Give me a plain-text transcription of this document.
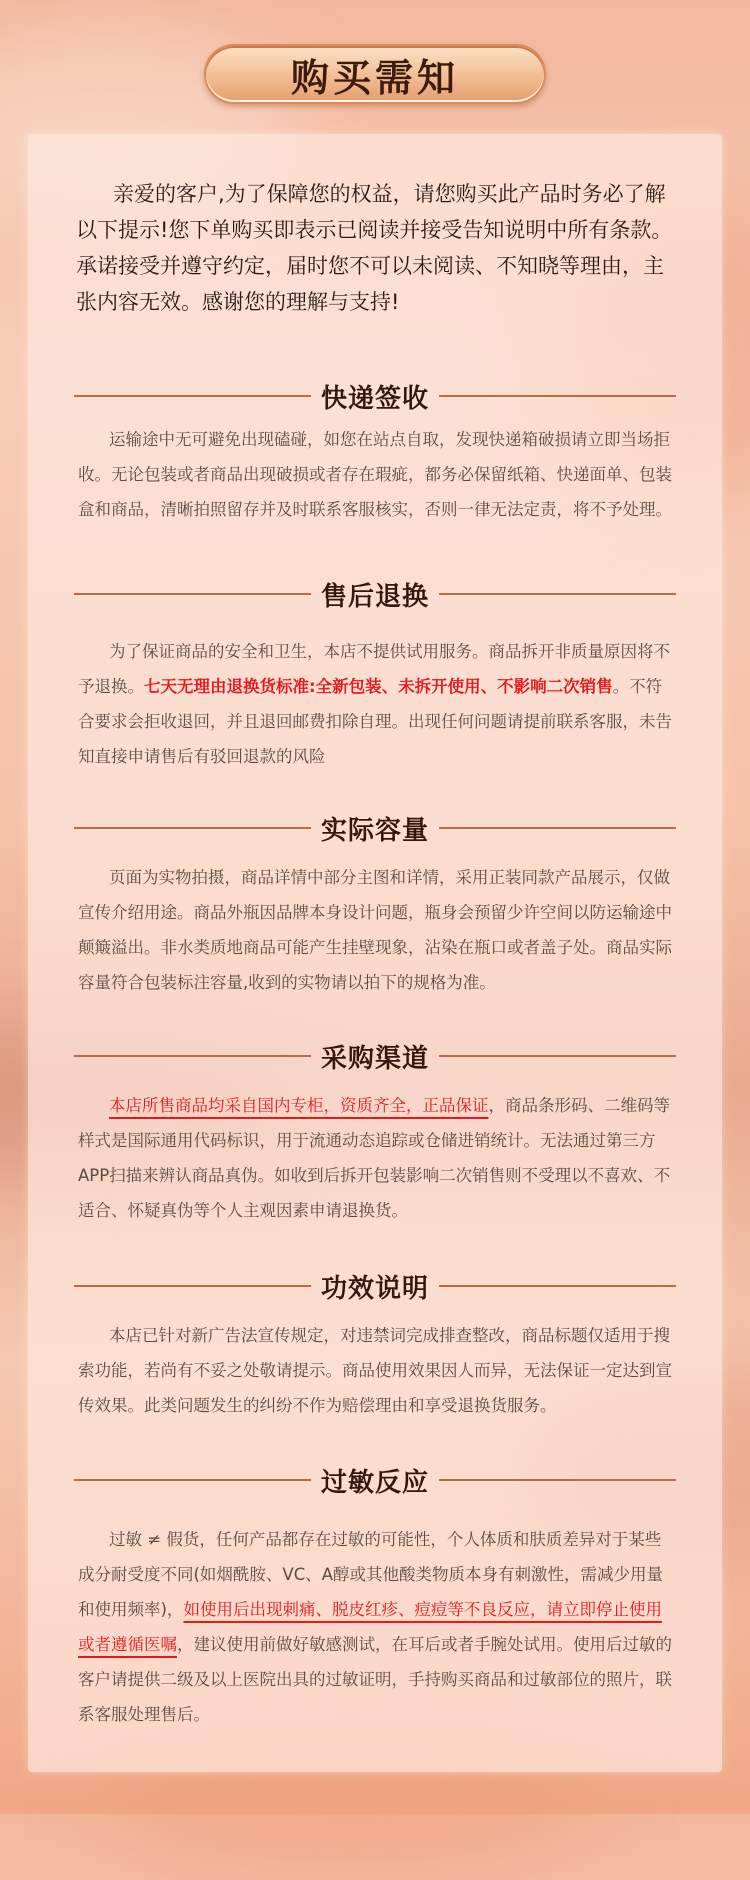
购买需知

亲爱的客户,为了保障您的权益，请您购买此产品时务必了解以下提示!您下单购买即表示已阅读并接受告知说明中所有条款。承诺接受并遵守约定，届时您不可以未阅读、不知晓等理由，主张内容无效。感谢您的理解与支持!

快递签收

运输途中无可避免出现磕碰，如您在站点自取，发现快递箱破损请立即当场拒收。无论包装或者商品出现破损或者存在瑕疵，都务必保留纸箱、快递面单、包装盒和商品，清晰拍照留存并及时联系客服核实，否则一律无法定责，将不予处理。

售后退换

为了保证商品的安全和卫生，本店不提供试用服务。商品拆开非质量原因将不予退换。七天无理由退换货标准:全新包装、未拆开使用、不影响二次销售。不符合要求会拒收退回，并且退回邮费扣除自理。出现任何问题请提前联系客服，未告知直接申请售后有驳回退款的风险

实际容量

页面为实物拍摄，商品详情中部分主图和详情，采用正装同款产品展示，仅做宣传介绍用途。商品外瓶因品牌本身设计问题，瓶身会预留少许空间以防运输途中颠簸溢出。非水类质地商品可能产生挂壁现象，沾染在瓶口或者盖子处。商品实际容量符合包装标注容量,收到的实物请以拍下的规格为准。

采购渠道

本店所售商品均采自国内专柜，资质齐全，正品保证，商品条形码、二维码等样式是国际通用代码标识，用于流通动态追踪或仓储进销统计。无法通过第三方APP扫描来辨认商品真伪。如收到后拆开包装影响二次销售则不受理以不喜欢、不适合、怀疑真伪等个人主观因素申请退换货。

功效说明

本店已针对新广告法宣传规定，对违禁词完成排查整改，商品标题仅适用于搜索功能，若尚有不妥之处敬请提示。商品使用效果因人而异，无法保证一定达到宣传效果。此类问题发生的纠纷不作为赔偿理由和享受退换货服务。

过敏反应

过敏 ≠ 假货，任何产品都存在过敏的可能性，个人体质和肤质差异对于某些成分耐受度不同(如烟酰胺、VC、A醇或其他酸类物质本身有刺激性，需减少用量和使用频率)，如使用后出现刺痛、脱皮红疹、痘痘等不良反应，请立即停止使用或者遵循医嘱，建议使用前做好敏感测试，在耳后或者手腕处试用。使用后过敏的客户请提供二级及以上医院出具的过敏证明，手持购买商品和过敏部位的照片，联系客服处理售后。
